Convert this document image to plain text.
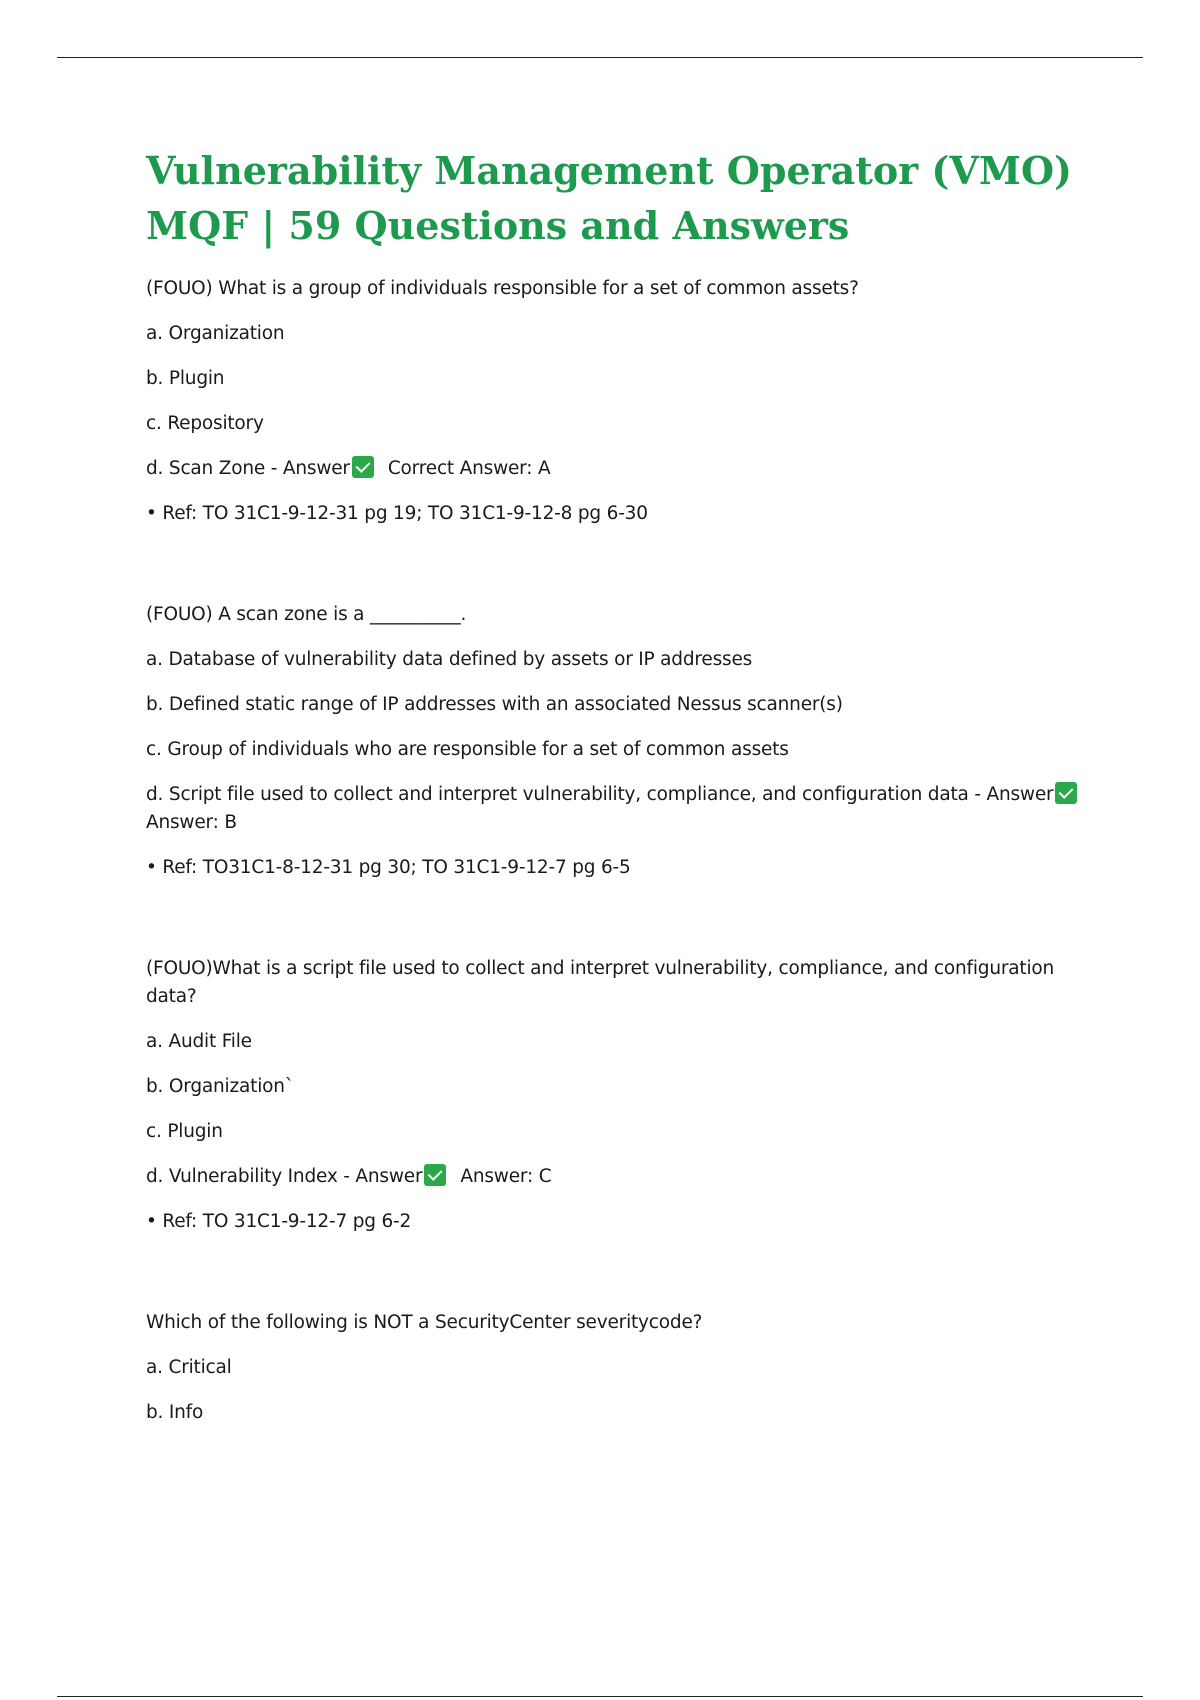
Vulnerability Management Operator (VMO) MQF | 59 Questions and Answers
(FOUO) What is a group of individuals responsible for a set of common assets?
a. Organization
b. Plugin
c. Repository
d. Scan Zone - Answer Correct Answer: A
• Ref: TO 31C1-9-12-31 pg 19; TO 31C1-9-12-8 pg 6-30
(FOUO) A scan zone is a __________.
a. Database of vulnerability data defined by assets or IP addresses
b. Defined static range of IP addresses with an associated Nessus scanner(s)
c. Group of individuals who are responsible for a set of common assets
d. Script file used to collect and interpret vulnerability, compliance, and configuration data - Answer
Answer: B
• Ref: TO31C1-8-12-31 pg 30; TO 31C1-9-12-7 pg 6-5
(FOUO)What is a script file used to collect and interpret vulnerability, compliance, and configuration data?
a. Audit File
b. Organization`
c. Plugin
d. Vulnerability Index - Answer Answer: C
• Ref: TO 31C1-9-12-7 pg 6-2
Which of the following is NOT a SecurityCenter severitycode?
a. Critical
b. Info
